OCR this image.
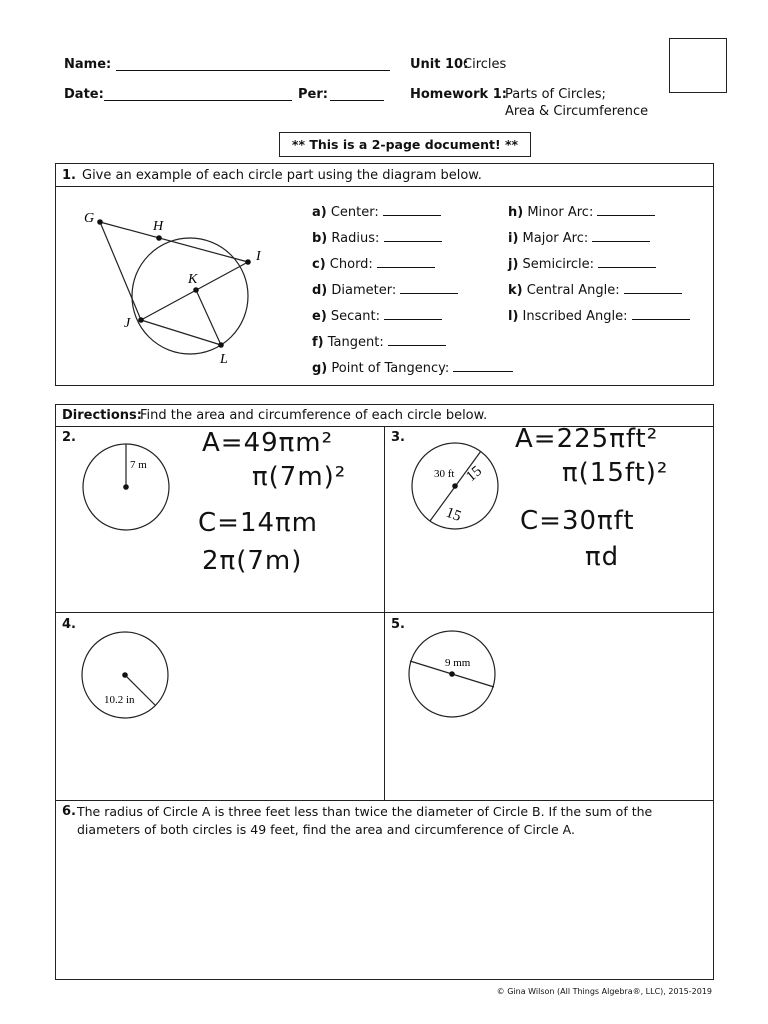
Name:
Date:	Per:
Unit 10:
Circles
Homework 1:
Parts of Circles;
Area & Circumference
** This is a 2-page document! **
1. Give an example of each circle part using the diagram below.
G
H
I
K
J
L
a) Center:
b) Radius:
c) Chord:
d) Diameter:
e) Secant:
f) Tangent:
g) Point of Tangency:
h) Minor Arc:
i) Major Arc:
j) Semicircle:
k) Central Angle:
l) Inscribed Angle:
Directions:
Find the area and circumference of each circle below.
2.
7 m
A=49πm²
π(7m)²
C=14πm
2π(7m)
3.
30 ft 15
15
A=225πft²
π(15ft)²
C=30πft
πd
4.
10.2 in
5.
9 mm
6. The radius of Circle A is three feet less than twice the diameter of Circle B. If the sum of the
diameters of both circles is 49 feet, find the area and circumference of Circle A.
© Gina Wilson (All Things Algebra®, LLC), 2015-2019
